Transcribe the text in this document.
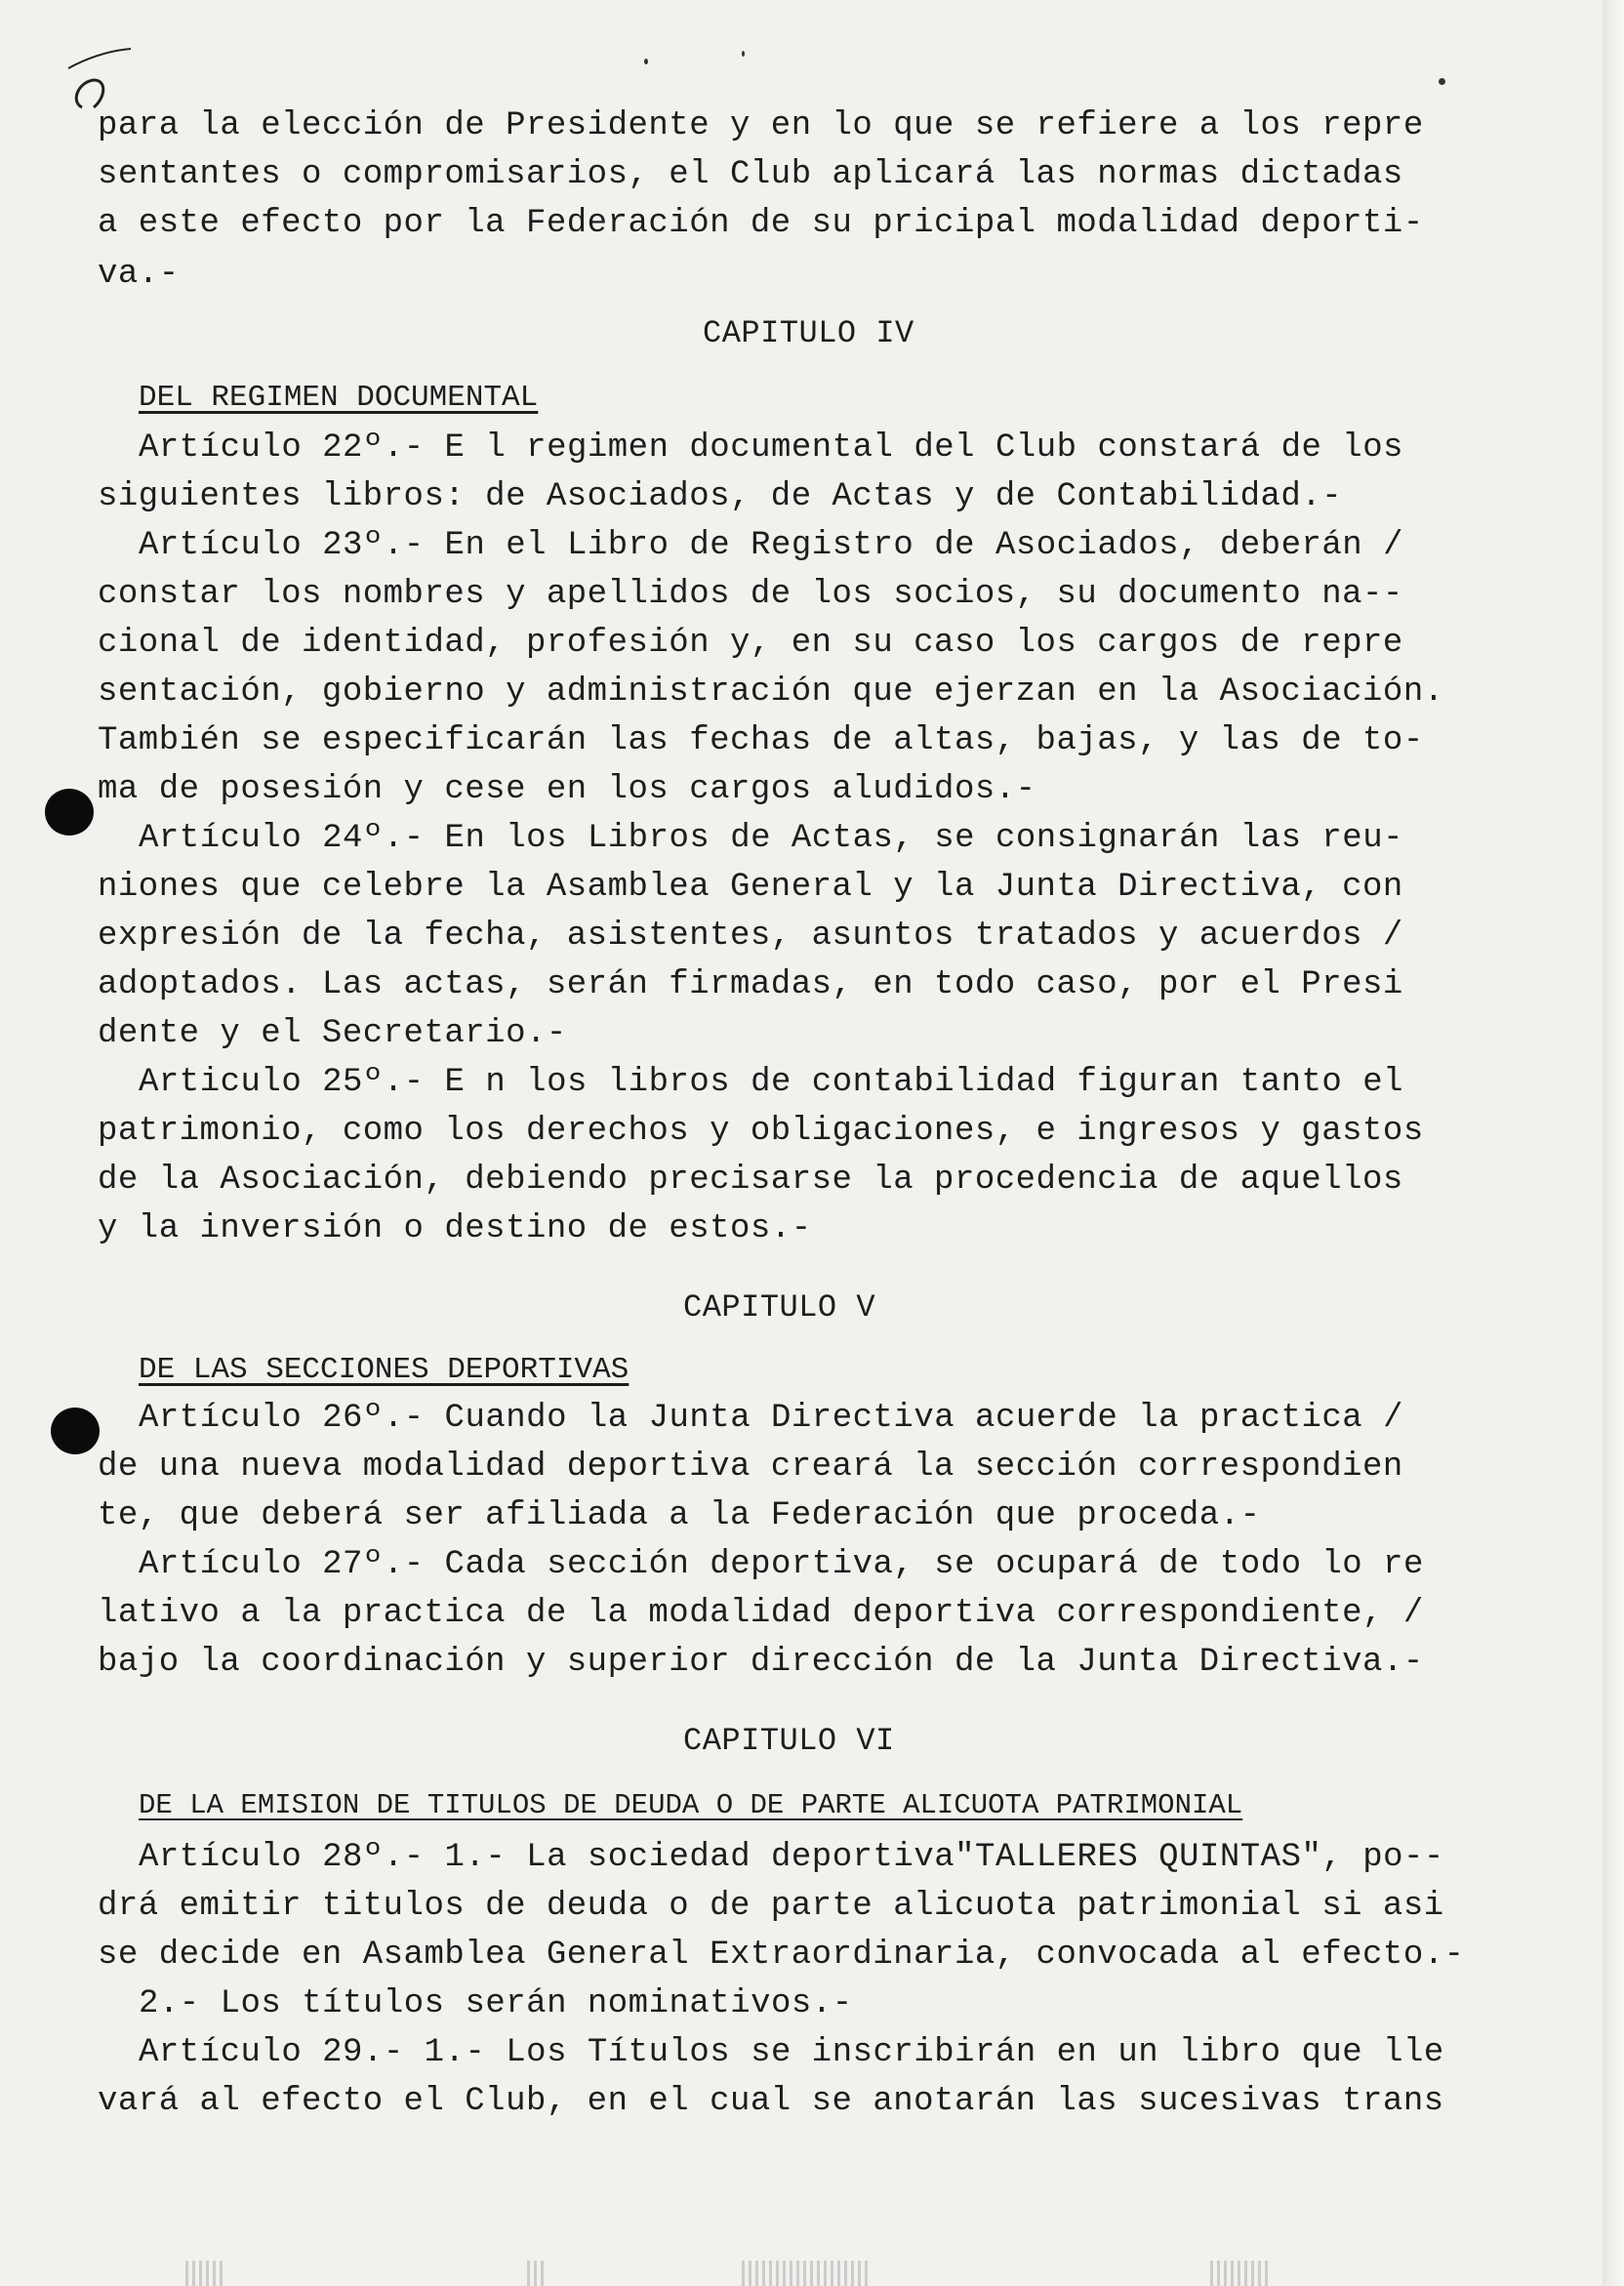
0
para la elección de Presidente y en lo que se refiere a los repre
sentantes o compromisarios, el Club aplicará las normas dictadas
a este efecto por la Federación de su pricipal modalidad deporti-
va.-
CAPITULO IV
DEL REGIMEN DOCUMENTAL
Artículo 22º.- E l regimen documental del Club constará de los
siguientes libros: de Asociados, de Actas y de Contabilidad.-
Artículo 23º.- En el Libro de Registro de Asociados, deberán /
constar los nombres y apellidos de los socios, su documento na--
cional de identidad, profesión y, en su caso los cargos de repre
sentación, gobierno y administración que ejerzan en la Asociación.
También se especificarán las fechas de altas, bajas, y las de to-
ma de posesión y cese en los cargos aludidos.-
Artículo 24º.- En los Libros de Actas, se consignarán las reu-
niones que celebre la Asamblea General y la Junta Directiva, con
expresión de la fecha, asistentes, asuntos tratados y acuerdos /
adoptados. Las actas, serán firmadas, en todo caso, por el Presi
dente y el Secretario.-
Articulo 25º.- E n los libros de contabilidad figuran tanto el
patrimonio, como los derechos y obligaciones, e ingresos y gastos
de la Asociación, debiendo precisarse la procedencia de aquellos
y la inversión o destino de estos.-
CAPITULO V
DE LAS SECCIONES DEPORTIVAS
Artículo 26º.- Cuando la Junta Directiva acuerde la practica /
de una nueva modalidad deportiva creará la sección correspondien
te, que deberá ser afiliada a la Federación que proceda.-
Artículo 27º.- Cada sección deportiva, se ocupará de todo lo re
lativo a la practica de la modalidad deportiva correspondiente, /
bajo la coordinación y superior dirección de la Junta Directiva.-
CAPITULO VI
DE LA EMISION DE TITULOS DE DEUDA O DE PARTE ALICUOTA PATRIMONIAL
Artículo 28º.- 1.- La sociedad deportiva"TALLERES QUINTAS", po--
drá emitir titulos de deuda o de parte alicuota patrimonial si asi
se decide en Asamblea General Extraordinaria, convocada al efecto.-
2.- Los títulos serán nominativos.-
Artículo 29.- 1.- Los Títulos se inscribirán en un libro que lle
vará al efecto el Club, en el cual se anotarán las sucesivas trans
